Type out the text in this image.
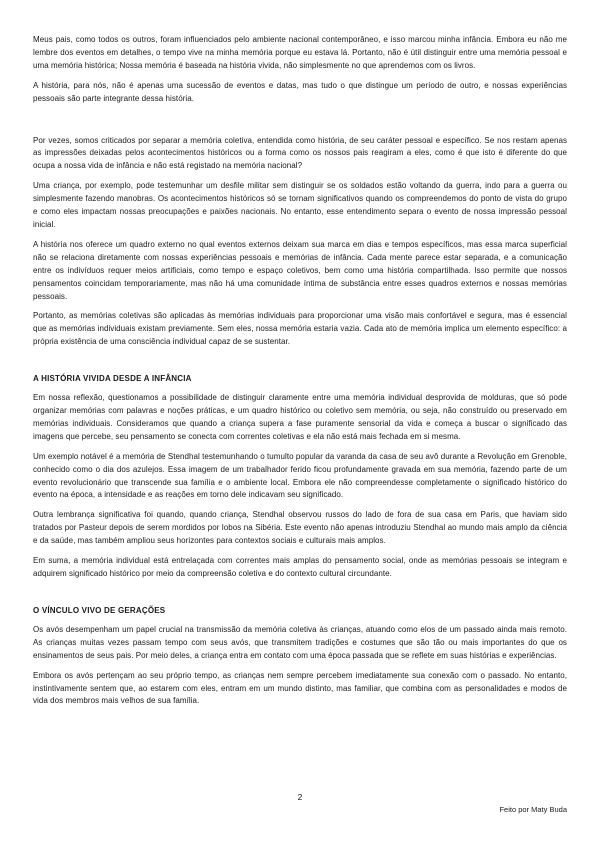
Meus pais, como todos os outros, foram influenciados pelo ambiente nacional contemporâneo, e isso marcou minha infância. Embora eu não me lembre dos eventos em detalhes, o tempo vive na minha memória porque eu estava lá. Portanto, não é útil distinguir entre uma memória pessoal e uma memória histórica; Nossa memória é baseada na história vivida, não simplesmente no que aprendemos com os livros.

A história, para nós, não é apenas uma sucessão de eventos e datas, mas tudo o que distingue um período de outro, e nossas experiências pessoais são parte integrante dessa história.

Por vezes, somos criticados por separar a memória coletiva, entendida como história, de seu caráter pessoal e específico. Se nos restam apenas as impressões deixadas pelos acontecimentos históricos ou a forma como os nossos pais reagiram a eles, como é que isto é diferente do que ocupa a nossa vida de infância e não está registado na memória nacional?

Uma criança, por exemplo, pode testemunhar um desfile militar sem distinguir se os soldados estão voltando da guerra, indo para a guerra ou simplesmente fazendo manobras. Os acontecimentos históricos só se tornam significativos quando os compreendemos do ponto de vista do grupo e como eles impactam nossas preocupações e paixões nacionais. No entanto, esse entendimento separa o evento de nossa impressão pessoal inicial.

A história nos oferece um quadro externo no qual eventos externos deixam sua marca em dias e tempos específicos, mas essa marca superficial não se relaciona diretamente com nossas experiências pessoais e memórias de infância. Cada mente parece estar separada, e a comunicação entre os indivíduos requer meios artificiais, como tempo e espaço coletivos, bem como uma história compartilhada. Isso permite que nossos pensamentos coincidam temporariamente, mas não há uma comunidade íntima de substância entre esses quadros externos e nossas memórias pessoais.

Portanto, as memórias coletivas são aplicadas às memórias individuais para proporcionar uma visão mais confortável e segura, mas é essencial que as memórias individuais existam previamente. Sem eles, nossa memória estaria vazia. Cada ato de memória implica um elemento específico: a própria existência de uma consciência individual capaz de se sustentar.

A HISTÓRIA VIVIDA DESDE A INFÂNCIA

Em nossa reflexão, questionamos a possibilidade de distinguir claramente entre uma memória individual desprovida de molduras, que só pode organizar memórias com palavras e noções práticas, e um quadro histórico ou coletivo sem memória, ou seja, não construído ou preservado em memórias individuais. Consideramos que quando a criança supera a fase puramente sensorial da vida e começa a buscar o significado das imagens que percebe, seu pensamento se conecta com correntes coletivas e ela não está mais fechada em si mesma.

Um exemplo notável é a memória de Stendhal testemunhando o tumulto popular da varanda da casa de seu avô durante a Revolução em Grenoble, conhecido como o dia dos azulejos. Essa imagem de um trabalhador ferido ficou profundamente gravada em sua memória, fazendo parte de um evento revolucionário que transcende sua família e o ambiente local. Embora ele não compreendesse completamente o significado histórico do evento na época, a intensidade e as reações em torno dele indicavam seu significado.

Outra lembrança significativa foi quando, quando criança, Stendhal observou russos do lado de fora de sua casa em Paris, que haviam sido tratados por Pasteur depois de serem mordidos por lobos na Sibéria. Este evento não apenas introduziu Stendhal ao mundo mais amplo da ciência e da saúde, mas também ampliou seus horizontes para contextos sociais e culturais mais amplos.

Em suma, a memória individual está entrelaçada com correntes mais amplas do pensamento social, onde as memórias pessoais se integram e adquirem significado histórico por meio da compreensão coletiva e do contexto cultural circundante.

O VÍNCULO VIVO DE GERAÇÕES

Os avós desempenham um papel crucial na transmissão da memória coletiva às crianças, atuando como elos de um passado ainda mais remoto. As crianças muitas vezes passam tempo com seus avós, que transmitem tradições e costumes que são tão ou mais importantes do que os ensinamentos de seus pais. Por meio deles, a criança entra em contato com uma época passada que se reflete em suas histórias e experiências.

Embora os avós pertençam ao seu próprio tempo, as crianças nem sempre percebem imediatamente sua conexão com o passado. No entanto, instintivamente sentem que, ao estarem com eles, entram em um mundo distinto, mas familiar, que combina com as personalidades e modos de vida dos membros mais velhos de sua família.

2
Feito por Maty Buda
